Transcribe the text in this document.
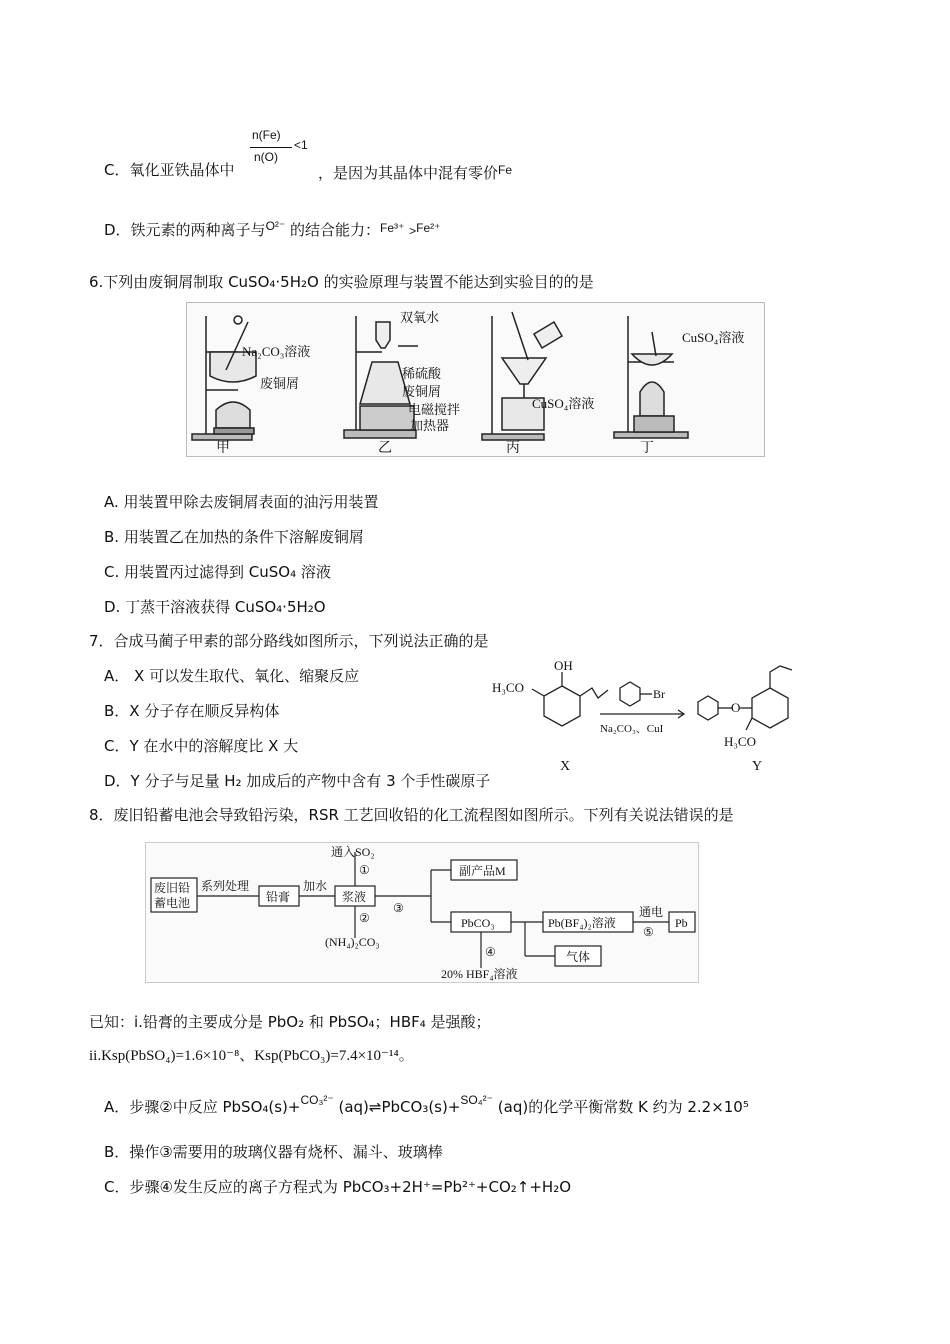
C．氧化亚铁晶体中
n(Fe)
n(O)
<1
，是因为其晶体中混有零价$^{Fe}$
D．铁元素的两种离子与$^{O^{2-}}$ 的结合能力：$^{Fe^{3+}}$ >$^{Fe^{2+}}$
6.下列由废铜屑制取 CuSO₄·5H₂O 的实验原理与装置不能达到实验目的的是
Na₂CO₃溶液
废铜屑
甲
双氧水
稀硫酸
废铜屑
电磁搅拌
加热器
乙
CuSO₄溶液
丙
CuSO₄溶液
丁
A. 用装置甲除去废铜屑表面的油污用装置
B. 用装置乙在加热的条件下溶解废铜屑
C. 用装置丙过滤得到 CuSO₄ 溶液
D. 丁蒸干溶液获得 CuSO₄·5H₂O
7．合成马蔺子甲素的部分路线如图所示，下列说法正确的是
A． X 可以发生取代、氧化、缩聚反应
B．X 分子存在顺反异构体
C．Y 在水中的溶解度比 X 大
D．Y 分子与足量 H₂ 加成后的产物中含有 3 个手性碳原子
OH
H₃CO	Br
Na₂CO₃、CuI
O
H₃CO
X	Y
8．废旧铅蓄电池会导致铅污染，RSR 工艺回收铅的化工流程图如图所示。下列有关说法错误的是
废旧铅
蓄电池
系列处理
铅膏
加水
浆液
通入SO₂
①
②
(NH₄)₂CO₃
③
副产品M
PbCO₃	Pb(BF₄)₂溶液
通电
⑤
Pb
④
20% HBF₄溶液
气体
已知：i.铅膏的主要成分是 PbO₂ 和 PbSO₄；HBF₄ 是强酸；
ii.Ksp(PbSO₄)=1.6×10⁻⁸、Ksp(PbCO₃)=7.4×10⁻¹⁴。
A．步骤②中反应 PbSO₄(s)+$^{CO_3^{2-}}$ (aq)⇌PbCO₃(s)+$^{SO_4^{2-}}$ (aq)的化学平衡常数 K 约为 2.2×10⁵
B．操作③需要用的玻璃仪器有烧杯、漏斗、玻璃棒
C．步骤④发生反应的离子方程式为 PbCO₃+2H⁺=Pb²⁺+CO₂↑+H₂O
